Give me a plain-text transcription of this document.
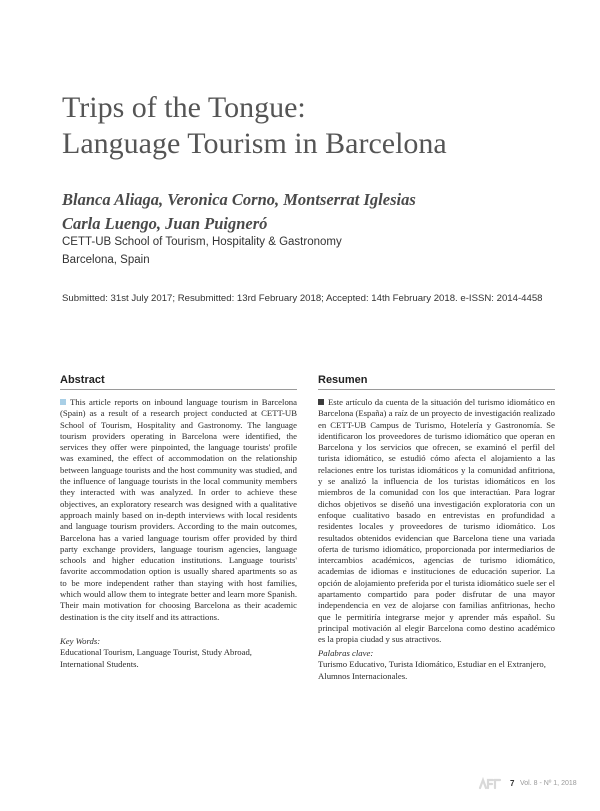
Trips of the Tongue:
Language Tourism in Barcelona
Blanca Aliaga, Veronica Corno, Montserrat Iglesias
Carla Luengo, Juan Puigneró
CETT-UB School of Tourism, Hospitality & Gastronomy
Barcelona, Spain
Submitted: 31st July 2017; Resubmitted: 13rd February 2018; Accepted: 14th February 2018. e-ISSN: 2014-4458
Abstract

This article reports on inbound language tourism in Barcelona (Spain) as a result of a research project conducted at CETT-UB School of Tourism, Hospitality and Gastronomy. The language tourism providers operating in Barcelona were identified, the services they offer were pinpointed, the language tourists' profile was examined, the effect of accommodation on the relationship between language tourists and the host community was studied, and the influence of language tourists in the local community members they interacted with was analyzed. In order to achieve these objectives, an exploratory research was designed with a qualitative approach mainly based on in-depth interviews with local residents and language tourism providers. According to the main outcomes, Barcelona has a varied language tourism offer provided by third party exchange providers, language tourism agencies, language schools and higher education institutions. Language tourists' favorite accommodation option is usually shared apartments so as to be more independent rather than staying with host families, which would allow them to integrate better and learn more Spanish. Their main motivation for choosing Barcelona as their academic destination is the city itself and its attractions.

Resumen

Este artículo da cuenta de la situación del turismo idiomático en Barcelona (España) a raíz de un proyecto de investigación realizado en CETT-UB Campus de Turismo, Hotelería y Gastronomía. Se identificaron los proveedores de turismo idiomático que operan en Barcelona y los servicios que ofrecen, se examinó el perfil del turista idiomático, se estudió cómo afecta el alojamiento a las relaciones entre los turistas idiomáticos y la comunidad anfitriona, y se analizó la influencia de los turistas idiomáticos en los miembros de la comunidad con los que interactúan. Para lograr dichos objetivos se diseñó una investigación exploratoria con un enfoque cualitativo basado en entrevistas en profundidad a residentes locales y proveedores de turismo idiomático. Los resultados obtenidos evidencian que Barcelona tiene una variada oferta de turismo idiomático, proporcionada por intermediarios de intercambios académicos, agencias de turismo idiomático, academias de idiomas e instituciones de educación superior. La opción de alojamiento preferida por el turista idiomático suele ser el apartamento compartido para poder disfrutar de una mayor independencia en vez de alojarse con familias anfitrionas, hecho que le permitiría integrarse mejor y aprender más español. Su principal motivación al elegir Barcelona como destino académico es la propia ciudad y sus atractivos.

Key Words:
Educational Tourism, Language Tourist, Study Abroad,
International Students.
Palabras clave:
Turismo Educativo, Turista Idiomático, Estudiar en el Extranjero,
Alumnos Internacionales.
7 Vol. 8 - Nº 1, 2018
